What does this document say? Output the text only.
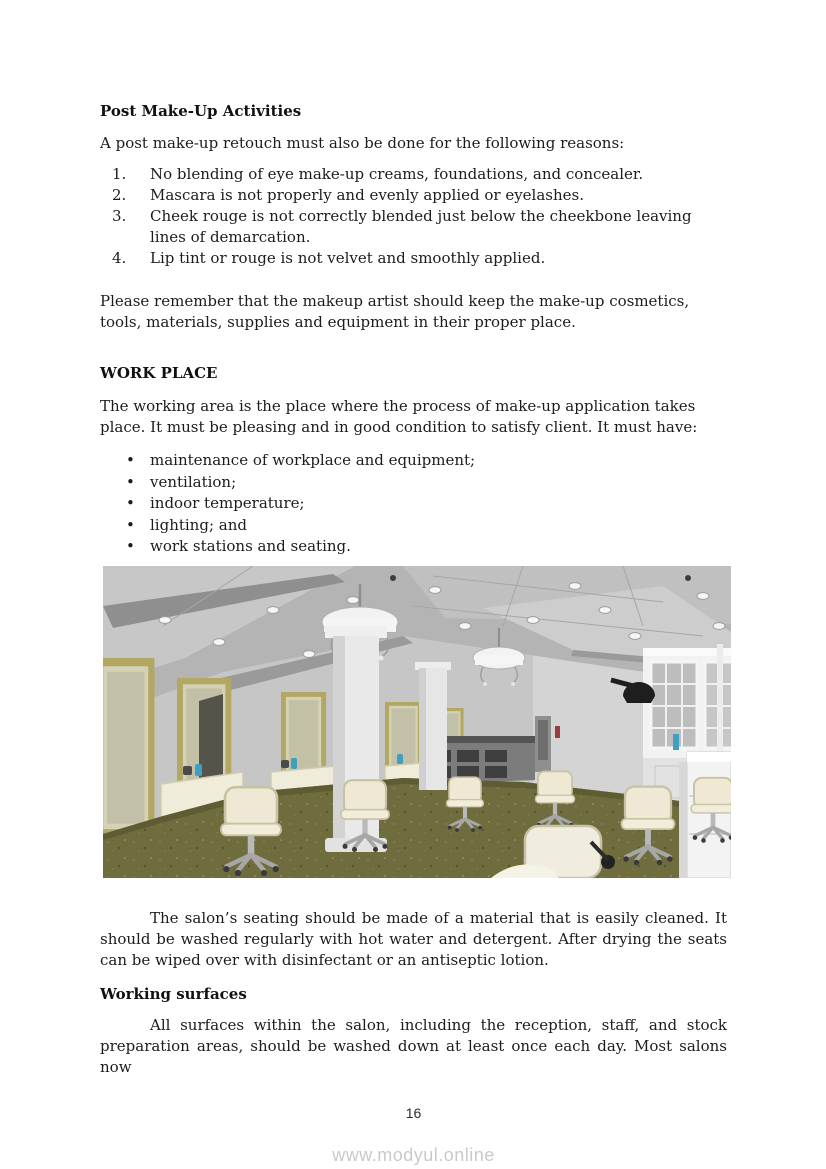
Post Make-Up Activities

A post make-up retouch must also be done for the following reasons:

1.	No blending of eye make-up creams, foundations, and concealer.
2.	Mascara is not properly and evenly applied or eyelashes.
3.	Cheek rouge is not correctly blended just below the cheekbone leaving lines of demarcation.
4.	Lip tint or rouge is not velvet and smoothly applied.

Please remember that the makeup artist should keep the make-up cosmetics, tools, materials, supplies and equipment in their proper place.

WORK PLACE

The working area is the place where the process of make-up application takes place. It must be pleasing and in good condition to satisfy client. It must have:

•	maintenance of workplace and equipment;
•	ventilation;
•	indoor temperature;
•	lighting; and
•	work stations and seating.

The salon’s seating should be made of a material that is easily cleaned. It should be washed regularly with hot water and detergent. After drying the seats can be wiped over with disinfectant or an antiseptic lotion.

Working surfaces

All surfaces within the salon, including the reception, staff, and stock preparation areas, should be washed down at least once each day. Most salons now

16
www.modyul.online
